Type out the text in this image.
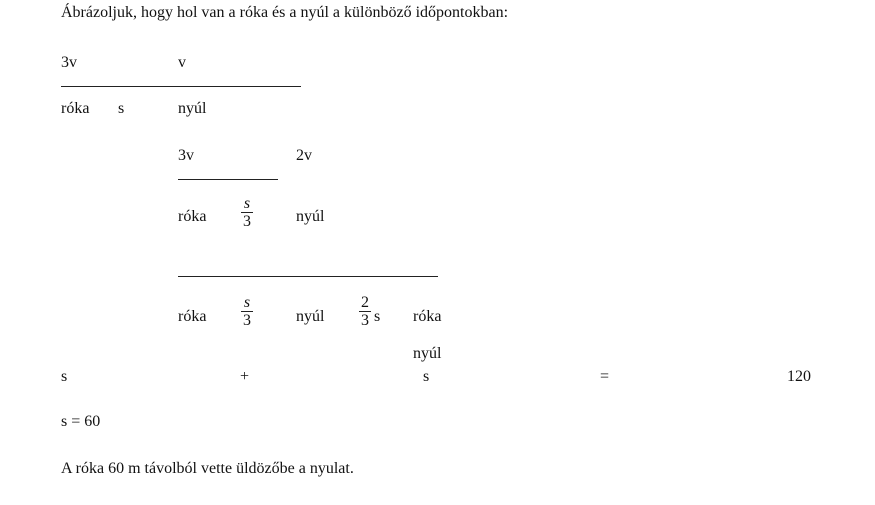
Ábrázoljuk, hogy hol van a róka és a nyúl a különböző időpontokban:
3v	v
róka s	nyúl
3v	2v
róka
s
3	nyúl
róka
s
3	nyúl
2
3 s róka
nyúl
s	+	s	=	120
s = 60
A róka 60 m távolból vette üldözőbe a nyulat.
